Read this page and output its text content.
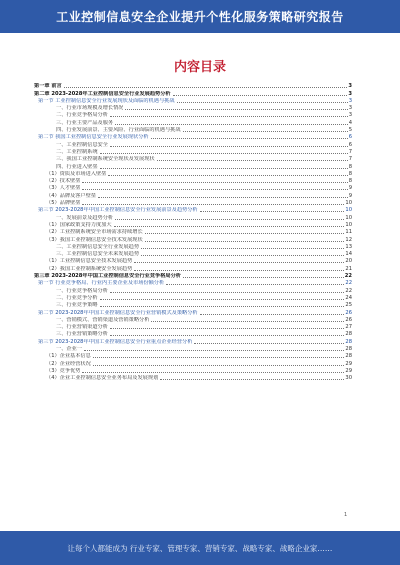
工业控制信息安全企业提升个性化服务策略研究报告
内容目录
第一章 前言	3
第二章 2023-2028年工业控制信息安全行业发展趋势分析	3
第一节 工业控制信息安全行业发展现状及面临的机遇与挑战	3
一、行业市场规模及增长情况	3
二、行业竞争格局分析	3
三、行业主要产品及服务	4
四、行业发展前景、主要风险、行业面临的机遇与挑战	5
第二节 我国工业控制信息安全行业发展现状分析	6
一、工业控制信息安全	6
二、工业控制系统	7
三、我国工业控制系统安全现状及发展现状	7
四、行业进入壁垒	8
（1）资质及市场进入壁垒	8
（2）技术壁垒	8
（3）人才壁垒	9
（4）品牌及客户壁垒	9
（5）品牌壁垒	10
第三节 2023-2028年中国工业控制信息安全行业发展前景及趋势分析	10
一、发展前景及趋势分析	10
（1）国家政策支持力度加大	10
（2）工业控制系统安全市场需求持续增长	11
（3）我国工业控制信息安全技术发展现状	12
二、工业控制信息安全行业发展趋势	13
三、工业控制信息安全未来发展趋势	14
（1）工业控制信息安全技术发展趋势	20
（2）我国工业控制系统安全发展趋势	21
第三章 2023-2028年中国工业控制信息安全行业竞争格局分析	22
第一节 行业竞争格局、行业内主要企业及市场份额分析	22
一、行业竞争格局分析	22
二、行业竞争分析	24
三、行业竞争策略	25
第二节 2023-2028年中国工业控制信息安全行业营销模式及策略分析	26
一、营销模式、营销渠道及营销策略分析	26
二、行业营销渠道分析	27
三、行业营销策略分析	28
第三节 2023-2028年中国工业控制信息安全行业重点企业经营分析	28
一、企业一	28
（1）企业基本信息	28
（2）企业经营状况	29
（3）竞争优势	29
（4）企业工业控制信息安全业务布局及发展规划	30
1
让每个人都能成为 行业专家、管理专家、营销专家、战略专家、战略企业家……
